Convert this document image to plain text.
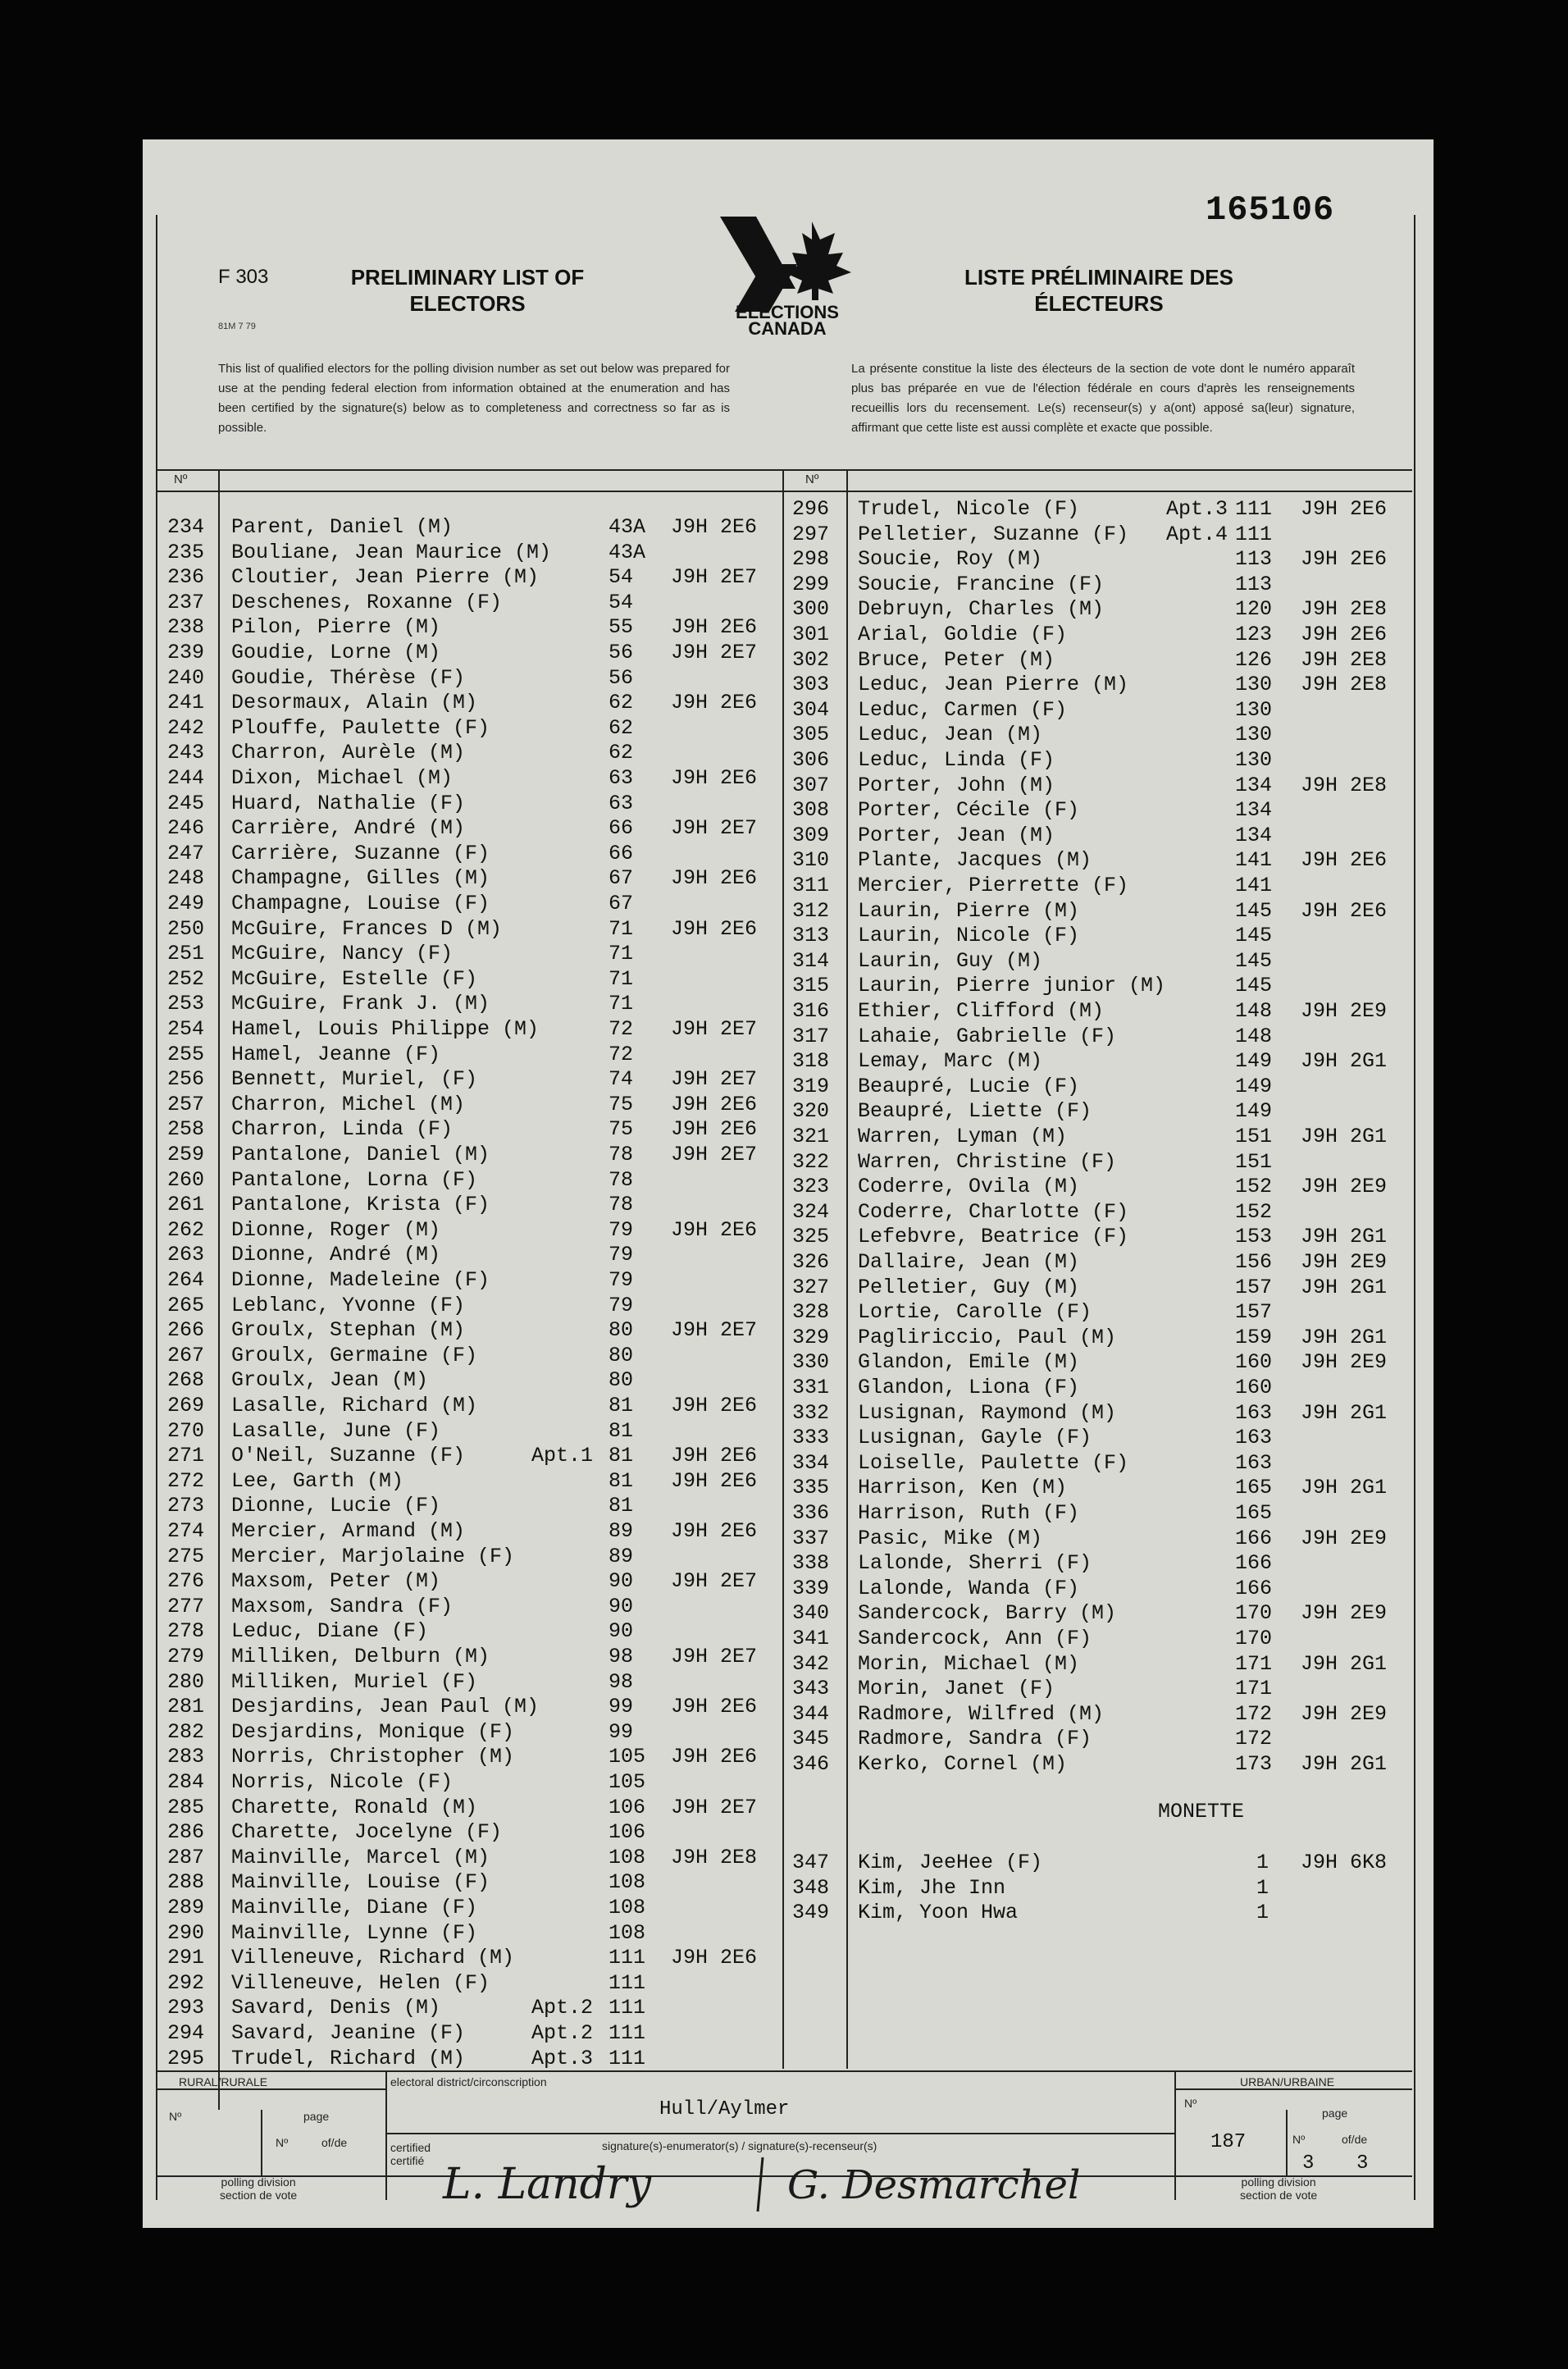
165106
F 303
81M 7 79
PRELIMINARY LIST OF
ELECTORS
LISTE PRÉLIMINAIRE DES
ÉLECTEURS
ELECTIONS
CANADA
This list of qualified electors for the polling division number as set out below was prepared for use at the pending federal election from information obtained at the enumeration and has been certified by the signature(s) below as to completeness and correctness so far as is possible.
La présente constitue la liste des électeurs de la section de vote dont le numéro apparaît plus bas préparée en vue de l'élection fédérale en cours d'après les renseignements recueillis lors du recensement. Le(s) recenseur(s) y a(ont) apposé sa(leur) signature, affirmant que cette liste est aussi complète et exacte que possible.
Nº	Nº
234 Parent, Daniel (M)	43A J9H 2E6
235 Bouliane, Jean Maurice (M)	43A
236 Cloutier, Jean Pierre (M)	54 J9H 2E7
237 Deschenes, Roxanne (F)	54
238 Pilon, Pierre (M)	55 J9H 2E6
239 Goudie, Lorne (M)	56 J9H 2E7
240 Goudie, Thérèse (F)	56
241 Desormaux, Alain (M)	62 J9H 2E6
242 Plouffe, Paulette (F)	62
243 Charron, Aurèle (M)	62
244 Dixon, Michael (M)	63 J9H 2E6
245 Huard, Nathalie (F)	63
246 Carrière, André (M)	66 J9H 2E7
247 Carrière, Suzanne (F)	66
248 Champagne, Gilles (M)	67 J9H 2E6
249 Champagne, Louise (F)	67
250 McGuire, Frances D (M)	71 J9H 2E6
251 McGuire, Nancy (F)	71
252 McGuire, Estelle (F)	71
253 McGuire, Frank J. (M)	71
254 Hamel, Louis Philippe (M)	72 J9H 2E7
255 Hamel, Jeanne (F)	72
256 Bennett, Muriel, (F)	74 J9H 2E7
257 Charron, Michel (M)	75 J9H 2E6
258 Charron, Linda (F)	75 J9H 2E6
259 Pantalone, Daniel (M)	78 J9H 2E7
260 Pantalone, Lorna (F)	78
261 Pantalone, Krista (F)	78
262 Dionne, Roger (M)	79 J9H 2E6
263 Dionne, André (M)	79
264 Dionne, Madeleine (F)	79
265 Leblanc, Yvonne (F)	79
266 Groulx, Stephan (M)	80 J9H 2E7
267 Groulx, Germaine (F)	80
268 Groulx, Jean (M)	80
269 Lasalle, Richard (M)	81 J9H 2E6
270 Lasalle, June (F)	81
271 O'Neil, Suzanne (F)	Apt.1 81 J9H 2E6
272 Lee, Garth (M)	81 J9H 2E6
273 Dionne, Lucie (F)	81
274 Mercier, Armand (M)	89 J9H 2E6
275 Mercier, Marjolaine (F)	89
276 Maxsom, Peter (M)	90 J9H 2E7
277 Maxsom, Sandra (F)	90
278 Leduc, Diane (F)	90
279 Milliken, Delburn (M)	98 J9H 2E7
280 Milliken, Muriel (F)	98
281 Desjardins, Jean Paul (M)	99 J9H 2E6
282 Desjardins, Monique (F)	99
283 Norris, Christopher (M)	105 J9H 2E6
284 Norris, Nicole (F)	105
285 Charette, Ronald (M)	106 J9H 2E7
286 Charette, Jocelyne (F)	106
287 Mainville, Marcel (M)	108 J9H 2E8
288 Mainville, Louise (F)	108
289 Mainville, Diane (F)	108
290 Mainville, Lynne (F)	108
291 Villeneuve, Richard (M)	111 J9H 2E6
292 Villeneuve, Helen (F)	111
293 Savard, Denis (M)	Apt.2 111
294 Savard, Jeanine (F)	Apt.2 111
295 Trudel, Richard (M)	Apt.3 111
296 Trudel, Nicole (F)	Apt.3 111 J9H 2E6
297 Pelletier, Suzanne (F) Apt.4 111
298 Soucie, Roy (M)	113 J9H 2E6
299 Soucie, Francine (F)	113
300 Debruyn, Charles (M)	120 J9H 2E8
301 Arial, Goldie (F)	123 J9H 2E6
302 Bruce, Peter (M)	126 J9H 2E8
303 Leduc, Jean Pierre (M)	130 J9H 2E8
304 Leduc, Carmen (F)	130
305 Leduc, Jean (M)	130
306 Leduc, Linda (F)	130
307 Porter, John (M)	134 J9H 2E8
308 Porter, Cécile (F)	134
309 Porter, Jean (M)	134
310 Plante, Jacques (M)	141 J9H 2E6
311 Mercier, Pierrette (F)	141
312 Laurin, Pierre (M)	145 J9H 2E6
313 Laurin, Nicole (F)	145
314 Laurin, Guy (M)	145
315 Laurin, Pierre junior (M)	145
316 Ethier, Clifford (M)	148 J9H 2E9
317 Lahaie, Gabrielle (F)	148
318 Lemay, Marc (M)	149 J9H 2G1
319 Beaupré, Lucie (F)	149
320 Beaupré, Liette (F)	149
321 Warren, Lyman (M)	151 J9H 2G1
322 Warren, Christine (F)	151
323 Coderre, Ovila (M)	152 J9H 2E9
324 Coderre, Charlotte (F)	152
325 Lefebvre, Beatrice (F)	153 J9H 2G1
326 Dallaire, Jean (M)	156 J9H 2E9
327 Pelletier, Guy (M)	157 J9H 2G1
328 Lortie, Carolle (F)	157
329 Pagliriccio, Paul (M)	159 J9H 2G1
330 Glandon, Emile (M)	160 J9H 2E9
331 Glandon, Liona (F)	160
332 Lusignan, Raymond (M)	163 J9H 2G1
333 Lusignan, Gayle (F)	163
334 Loiselle, Paulette (F)	163
335 Harrison, Ken (M)	165 J9H 2G1
336 Harrison, Ruth (F)	165
337 Pasic, Mike (M)	166 J9H 2E9
338 Lalonde, Sherri (F)	166
339 Lalonde, Wanda (F)	166
340 Sandercock, Barry (M)	170 J9H 2E9
341 Sandercock, Ann (F)	170
342 Morin, Michael (M)	171 J9H 2G1
343 Morin, Janet (F)	171
344 Radmore, Wilfred (M)	172 J9H 2E9
345 Radmore, Sandra (F)	172
346 Kerko, Cornel (M)	173 J9H 2G1
MONETTE
347 Kim, JeeHee (F)	1 J9H 6K8
348 Kim, Jhe Inn	1
349 Kim, Yoon Hwa	1
RURAL/RURALE	URBAN/URBAINE
Nº	page
Nº	of/de
electoral district/circonscription
Hull/Aylmer
certified
certifié
signature(s)-enumerator(s) / signature(s)-recenseur(s)
polling division
section de vote
polling division
section de vote
Nº
page
Nº	of/de
187
3 3
L. Landry	G. Desmarchel
